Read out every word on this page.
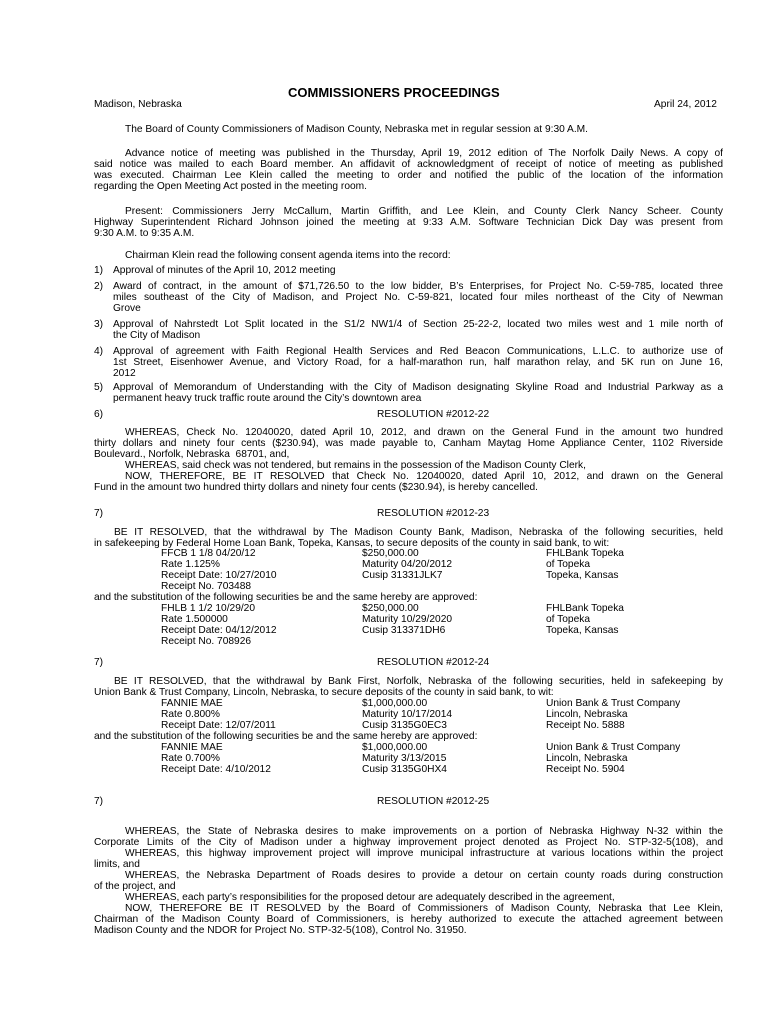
COMMISSIONERS PROCEEDINGS
Madison, Nebraska	April 24, 2012
The Board of County Commissioners of Madison County, Nebraska met in regular session at 9:30 A.M.
Advance notice of meeting was published in the Thursday, April 19, 2012 edition of The Norfolk Daily News. A copy of
said notice was mailed to each Board member. An affidavit of acknowledgment of receipt of notice of meeting as published
was executed. Chairman Lee Klein called the meeting to order and notified the public of the location of the information
regarding the Open Meeting Act posted in the meeting room.
Present: Commissioners Jerry McCallum, Martin Griffith, and Lee Klein, and County Clerk Nancy Scheer. County
Highway Superintendent Richard Johnson joined the meeting at 9:33 A.M. Software Technician Dick Day was present from
9:30 A.M. to 9:35 A.M.
Chairman Klein read the following consent agenda items into the record:
1) Approval of minutes of the April 10, 2012 meeting
2) Award of contract, in the amount of $71,726.50 to the low bidder, B’s Enterprises, for Project No. C-59-785, located three
miles southeast of the City of Madison, and Project No. C-59-821, located four miles northeast of the City of Newman
Grove
3) Approval of Nahrstedt Lot Split located in the S1/2 NW1/4 of Section 25-22-2, located two miles west and 1 mile north of
the City of Madison
4) Approval of agreement with Faith Regional Health Services and Red Beacon Communications, L.L.C. to authorize use of
1st Street, Eisenhower Avenue, and Victory Road, for a half-marathon run, half marathon relay, and 5K run on June 16,
2012
5) Approval of Memorandum of Understanding with the City of Madison designating Skyline Road and Industrial Parkway as a
permanent heavy truck traffic route around the City’s downtown area
6)	RESOLUTION #2012-22
WHEREAS, Check No. 12040020, dated April 10, 2012, and drawn on the General Fund in the amount two hundred
thirty dollars and ninety four cents ($230.94), was made payable to, Canham Maytag Home Appliance Center, 1102 Riverside
Boulevard., Norfolk, Nebraska  68701, and,
WHEREAS, said check was not tendered, but remains in the possession of the Madison County Clerk,
NOW, THEREFORE, BE IT RESOLVED that Check No. 12040020, dated April 10, 2012, and drawn on the General
Fund in the amount two hundred thirty dollars and ninety four cents ($230.94), is hereby cancelled.
7)	RESOLUTION #2012-23
BE IT RESOLVED, that the withdrawal by The Madison County Bank, Madison, Nebraska of the following securities, held
in safekeeping by Federal Home Loan Bank, Topeka, Kansas, to secure deposits of the county in said bank, to wit:
FFCB 1 1/8 04/20/12	$250,000.00	FHLBank Topeka
Rate 1.125%	Maturity 04/20/2012	of Topeka
Receipt Date: 10/27/2010	Cusip 31331JLK7	Topeka, Kansas
Receipt No. 703488
and the substitution of the following securities be and the same hereby are approved:
FHLB 1 1/2 10/29/20	$250,000.00	FHLBank Topeka
Rate 1.500000	Maturity 10/29/2020	of Topeka
Receipt Date: 04/12/2012	Cusip 313371DH6	Topeka, Kansas
Receipt No. 708926
7)	RESOLUTION #2012-24
BE IT RESOLVED, that the withdrawal by Bank First, Norfolk, Nebraska of the following securities, held in safekeeping by
Union Bank & Trust Company, Lincoln, Nebraska, to secure deposits of the county in said bank, to wit:
FANNIE MAE	$1,000,000.00	Union Bank & Trust Company
Rate 0.800%	Maturity 10/17/2014	Lincoln, Nebraska
Receipt Date: 12/07/2011	Cusip 3135G0EC3	Receipt No. 5888
and the substitution of the following securities be and the same hereby are approved:
FANNIE MAE	$1,000,000.00	Union Bank & Trust Company
Rate 0.700%	Maturity 3/13/2015	Lincoln, Nebraska
Receipt Date: 4/10/2012	Cusip 3135G0HX4	Receipt No. 5904
7)	RESOLUTION #2012-25
WHEREAS, the State of Nebraska desires to make improvements on a portion of Nebraska Highway N-32 within the
Corporate Limits of the City of Madison under a highway improvement project denoted as Project No. STP-32-5(108), and
WHEREAS, this highway improvement project will improve municipal infrastructure at various locations within the project
limits, and
WHEREAS, the Nebraska Department of Roads desires to provide a detour on certain county roads during construction
of the project, and
WHEREAS, each party’s responsibilities for the proposed detour are adequately described in the agreement,
NOW, THEREFORE BE IT RESOLVED by the Board of Commissioners of Madison County, Nebraska that Lee Klein,
Chairman of the Madison County Board of Commissioners, is hereby authorized to execute the attached agreement between
Madison County and the NDOR for Project No. STP-32-5(108), Control No. 31950.
